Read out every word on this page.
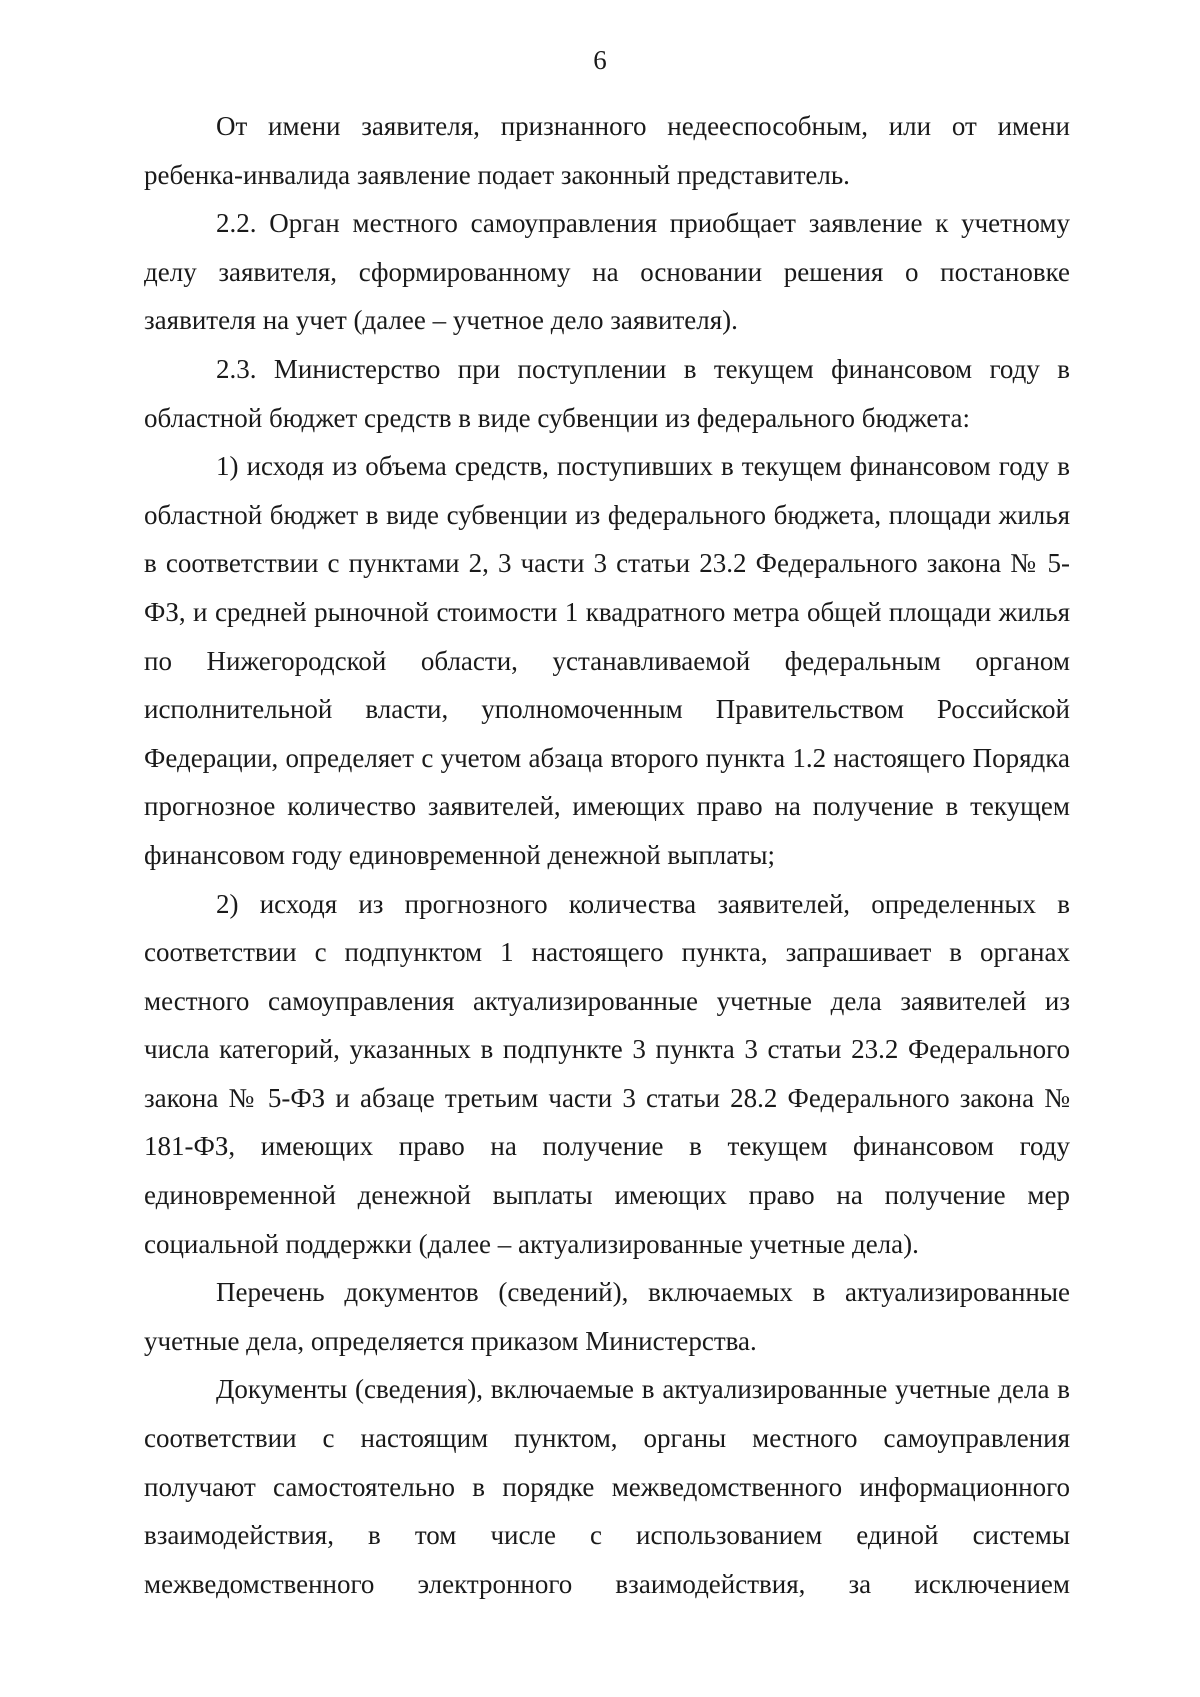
6

От имени заявителя, признанного недееспособным, или от имени ребенка-инвалида заявление подает законный представитель.

2.2. Орган местного самоуправления приобщает заявление к учетному делу заявителя, сформированному на основании решения о постановке заявителя на учет (далее – учетное дело заявителя).

2.3. Министерство при поступлении в текущем финансовом году в областной бюджет средств в виде субвенции из федерального бюджета:

1) исходя из объема средств, поступивших в текущем финансовом году в областной бюджет в виде субвенции из федерального бюджета, площади жилья в соответствии с пунктами 2, 3 части 3 статьи 23.2 Федерального закона № 5-ФЗ, и средней рыночной стоимости 1 квадратного метра общей площади жилья по Нижегородской области, устанавливаемой федеральным органом исполнительной власти, уполномоченным Правительством Российской Федерации, определяет с учетом абзаца второго пункта 1.2 настоящего Порядка прогнозное количество заявителей, имеющих право на получение в текущем финансовом году единовременной денежной выплаты;

2) исходя из прогнозного количества заявителей, определенных в соответствии с подпунктом 1 настоящего пункта, запрашивает в органах местного самоуправления актуализированные учетные дела заявителей из числа категорий, указанных в подпункте 3 пункта 3 статьи 23.2 Федерального закона № 5-ФЗ и абзаце третьим части 3 статьи 28.2 Федерального закона № 181-ФЗ, имеющих право на получение в текущем финансовом году единовременной денежной выплаты имеющих право на получение мер социальной поддержки (далее – актуализированные учетные дела).

Перечень документов (сведений), включаемых в актуализированные учетные дела, определяется приказом Министерства.

Документы (сведения), включаемые в актуализированные учетные дела в соответствии с настоящим пунктом, органы местного самоуправления получают самостоятельно в порядке межведомственного информационного взаимодействия, в том числе с использованием единой системы межведомственного электронного взаимодействия, за исключением
